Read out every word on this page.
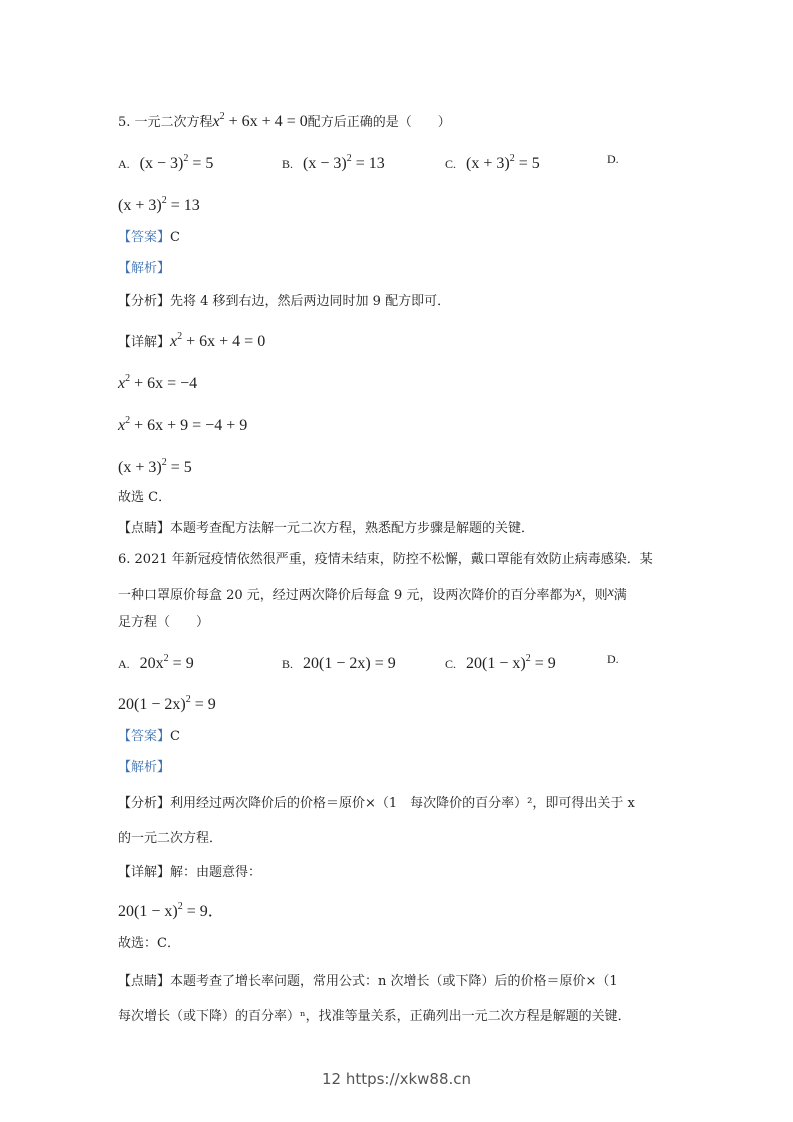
5. 一元二次方程$x^2 + 6x + 4 = 0$配方后正确的是（　　）
A. $(x - 3)^2 = 5$	B. $(x - 3)^2 = 13$	C. $(x + 3)^2 = 5$	D.
$(x + 3)^2 = 13$
【答案】C
【解析】
【分析】先将 4 移到右边，然后两边同时加 9 配方即可．
【详解】$x^2 + 6x + 4 = 0$
$x^2 + 6x = -4$
$x^2 + 6x + 9 = -4 + 9$
$(x + 3)^2 = 5$
故选 C．
【点睛】本题考查配方法解一元二次方程，熟悉配方步骤是解题的关键．
6. 2021 年新冠疫情依然很严重，疫情未结束，防控不松懈，戴口罩能有效防止病毒感染．某
一种口罩原价每盒 20 元，经过两次降价后每盒 9 元，设两次降价的百分率都为x，则x满
足方程（　　）
A. $20x^2 = 9$	B. 20(1 − 2x) = 9	C. $20(1 - x)^2 = 9$	D.
$20(1 - 2x)^2 = 9$
【答案】C
【解析】
【分析】利用经过两次降价后的价格＝原价×（1　每次降价的百分率）²，即可得出关于 x
的一元二次方程．
【详解】解：由题意得：
$20(1 - x)^2 = 9$．
故选：C．
【点睛】本题考查了增长率问题，常用公式：n 次增长（或下降）后的价格＝原价×（1
每次增长（或下降）的百分率）ⁿ，找准等量关系，正确列出一元二次方程是解题的关键．
12 https://xkw88.cn
